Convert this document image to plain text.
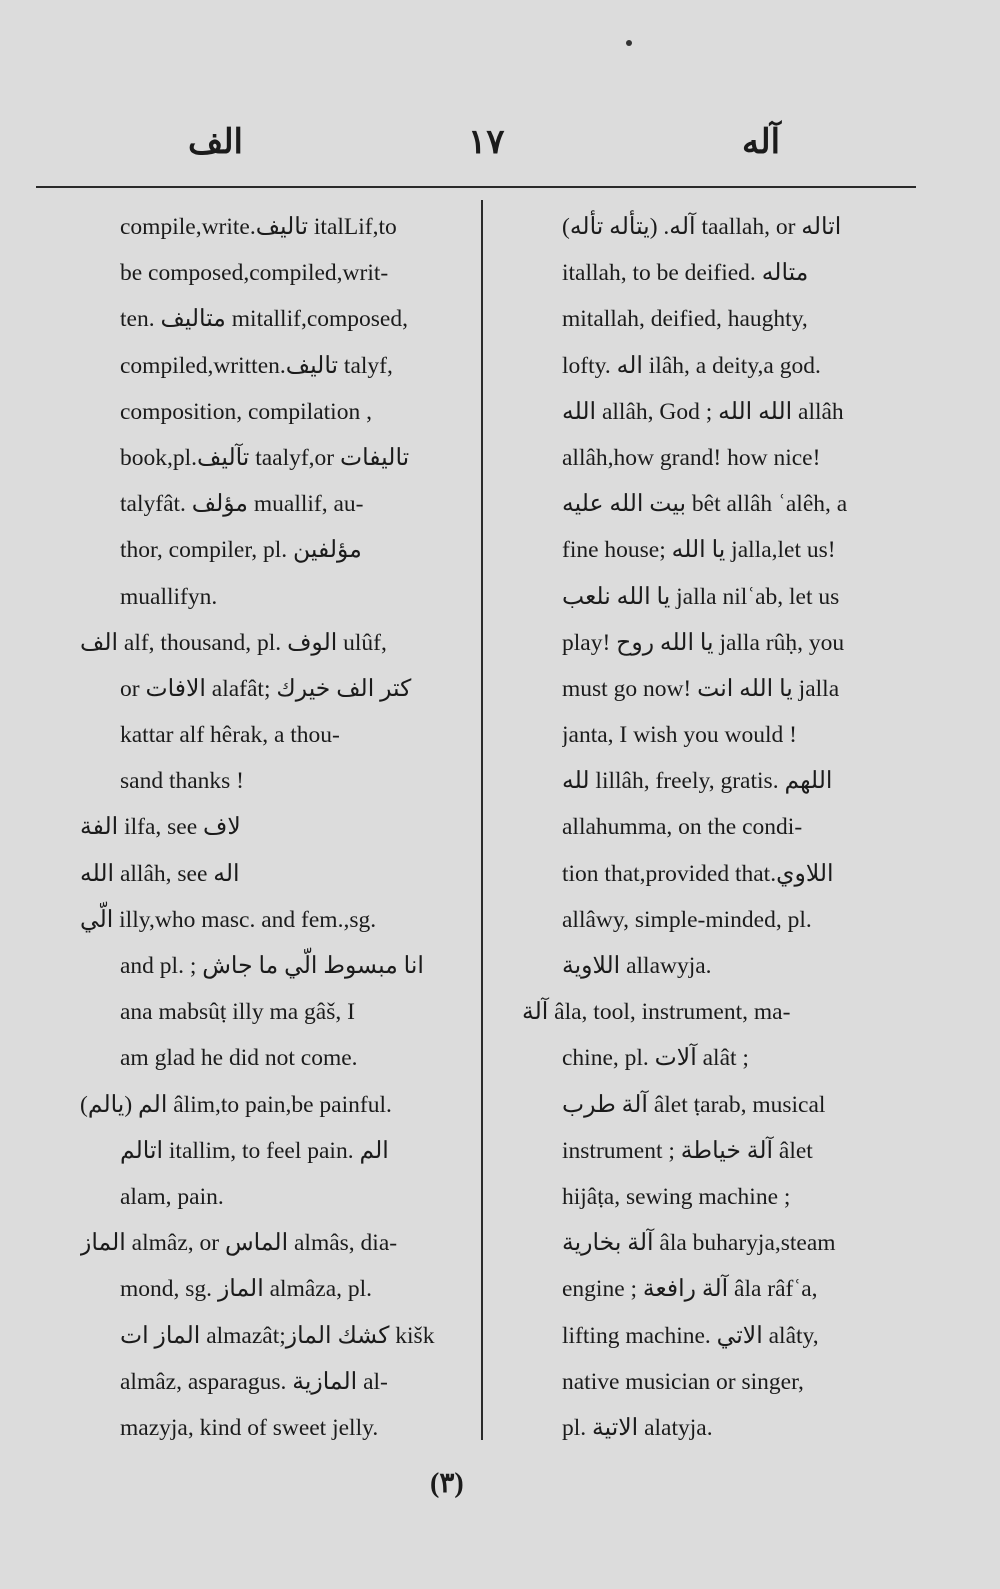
الف	١٧	آله
compile,write.تاليف italLif,to
be composed,compiled,writ-
ten. متاليف mitallif,composed,
compiled,written.تاليف talyf,
composition, compilation ,
book,pl.تآليف taalyf,or تاليفات
talyfât. مؤلف muallif, au-
thor, compiler, pl. مؤلفين
muallifyn.
الف alf, thousand, pl. الوف ulûf,
or الافات alafât; كتر الف خيرك
kattar alf hêrak, a thou-
sand thanks !
الفة ilfa, see لاف
الله allâh, see اله
الّي illy,who masc. and fem.,sg.
and pl. ; انا مبسوط الّي ما جاش
ana mabsûṭ illy ma gâš, I
am glad he did not come.
الم (يالم) âlim,to pain,be painful.
اتالم itallim, to feel pain. الم
alam, pain.
الماز almâz, or الماس almâs, dia-
mond, sg. الماز almâza, pl.
الماز ات almazât;كشك الماز kišk
almâz, asparagus. المازية al-
mazyja, kind of sweet jelly.
آله. (يتأله تأله) taallah, or اتاله
itallah, to be deified. متاله
mitallah, deified, haughty,
lofty. اله ilâh, a deity,a god.
الله allâh, God ; الله الله allâh
allâh,how grand! how nice!
بيت الله عليه bêt allâh ʿalêh, a
fine house; يا الله jalla,let us!
يا الله نلعب jalla nilʿab, let us
play! يا الله روح jalla rûḥ, you
must go now! يا الله انت jalla
janta, I wish you would !
لله lillâh, freely, gratis. اللهم
allahumma, on the condi-
tion that,provided that.اللاوي
allâwy, simple-minded, pl.
اللاوية allawyja.
آلة âla, tool, instrument, ma-
chine, pl. آلات alât ;
آلة طرب âlet ṭarab, musical
instrument ; آلة خياطة âlet
hijâṭa, sewing machine ;
آلة بخارية âla buharyja,steam
engine ; آلة رافعة âla râfʿa,
lifting machine. الاتي alâty,
native musician or singer,
pl. الاتية alatyja.
(٣)
